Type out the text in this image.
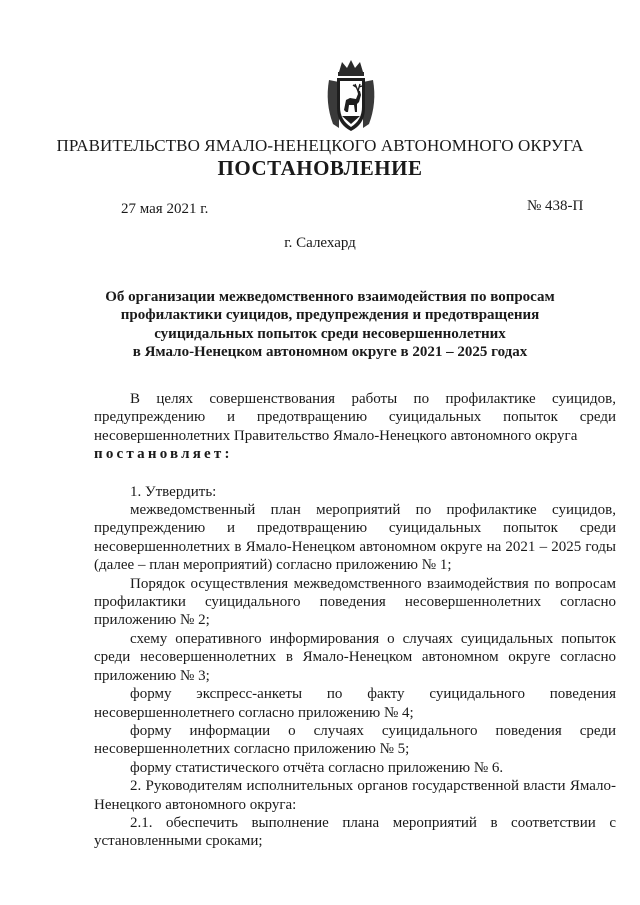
ПРАВИТЕЛЬСТВО ЯМАЛО-НЕНЕЦКОГО АВТОНОМНОГО ОКРУГА
ПОСТАНОВЛЕНИЕ
27 мая 2021 г.	№ 438-П
г. Салехард
Об организации межведомственного взаимодействия по вопросам
профилактики суицидов, предупреждения и предотвращения
суицидальных попыток среди несовершеннолетних
в Ямало-Ненецком автономном округе в 2021 – 2025 годах

В целях совершенствования работы по профилактике суицидов, предупреждению и предотвращению суицидальных попыток среди несовершеннолетних Правительство Ямало-Ненецкого автономного округа

постановляет:

1. Утвердить:

межведомственный план мероприятий по профилактике суицидов, предупреждению и предотвращению суицидальных попыток среди несовершеннолетних в Ямало-Ненецком автономном округе на 2021 – 2025 годы (далее – план мероприятий) согласно приложению № 1;

Порядок осуществления межведомственного взаимодействия по вопросам профилактики суицидального поведения несовершеннолетних согласно приложению № 2;

схему оперативного информирования о случаях суицидальных попыток среди несовершеннолетних в Ямало-Ненецком автономном округе согласно приложению № 3;

форму экспресс-анкеты по факту суицидального поведения несовершеннолетнего согласно приложению № 4;

форму информации о случаях суицидального поведения среди несовершеннолетних согласно приложению № 5;

форму статистического отчёта согласно приложению № 6.

2. Руководителям исполнительных органов государственной власти Ямало-Ненецкого автономного округа:

2.1. обеспечить выполнение плана мероприятий в соответствии с установленными сроками;
